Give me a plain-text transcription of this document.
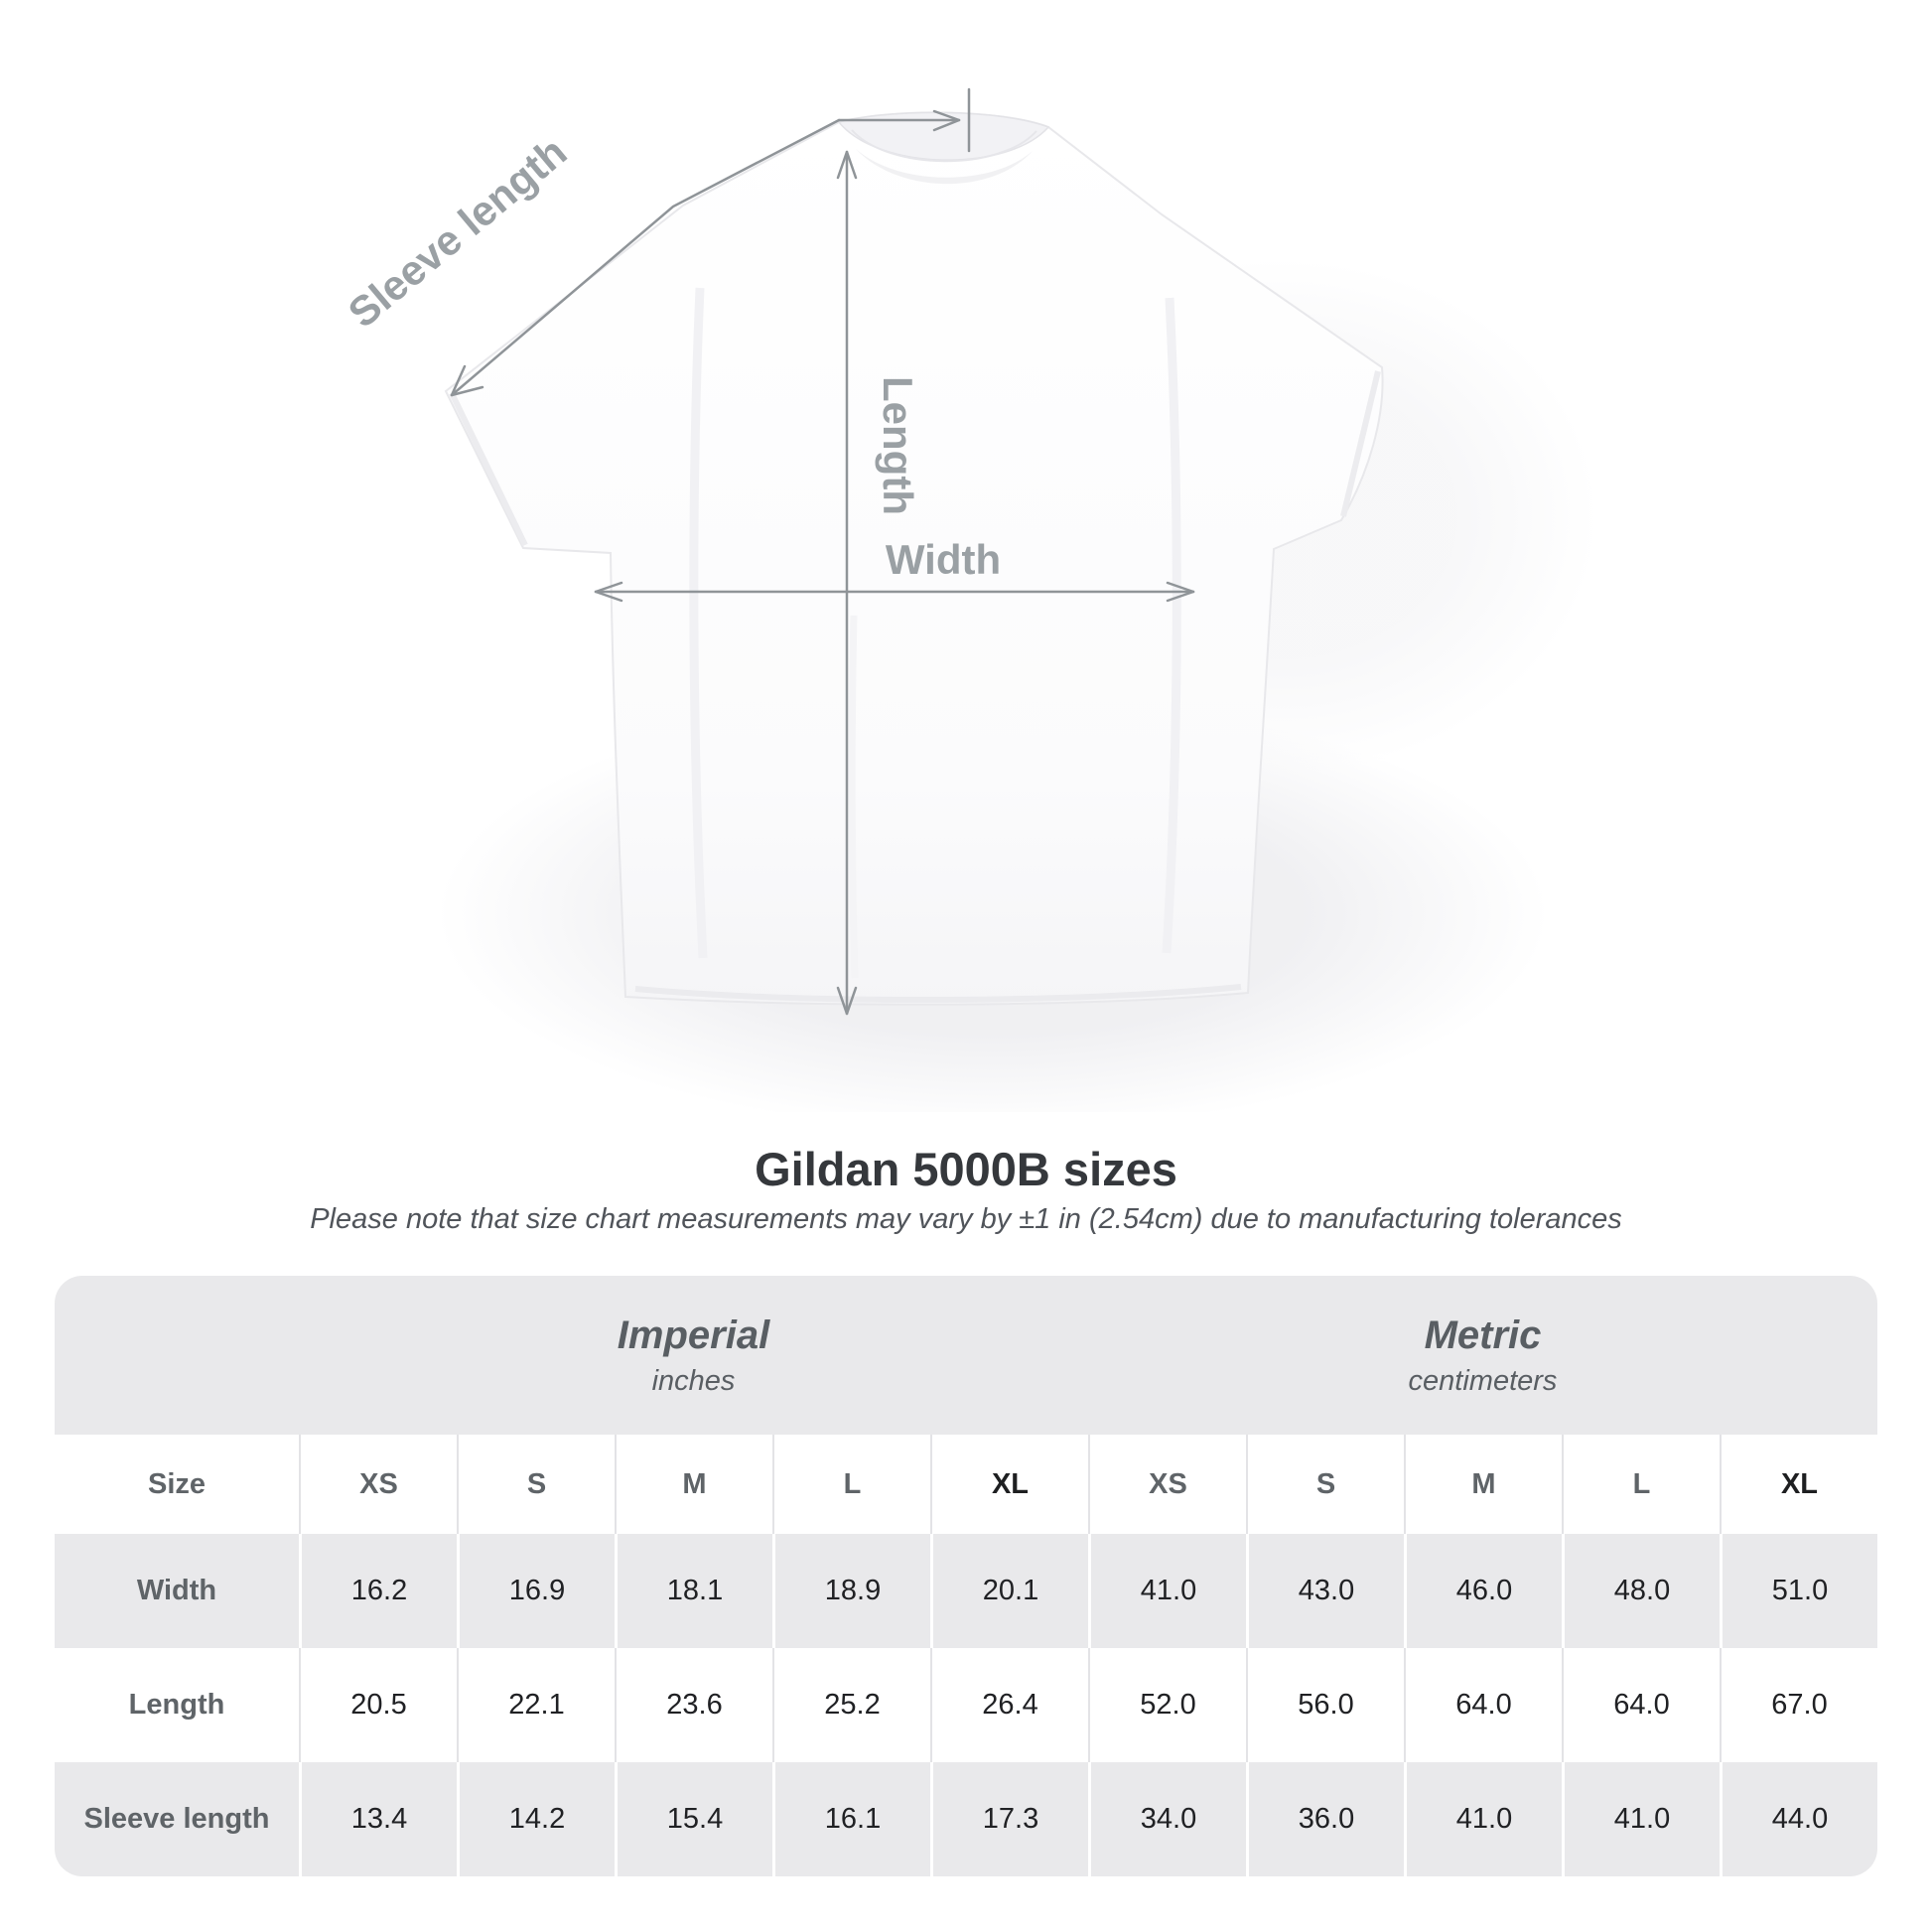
Sleeve length
Length
Width
Gildan 5000B sizes

Please note that size chart measurements may vary by ±1 in (2.54cm) due to manufacturing tolerances

Imperial
inches
Metric
centimeters
Size	XS	S	M	L	XL	XS	S	M	L	XL
Width	16.2	16.9	18.1	18.9	20.1	41.0	43.0	46.0	48.0	51.0
Length	20.5	22.1	23.6	25.2	26.4	52.0	56.0	64.0	64.0	67.0
Sleeve length	13.4	14.2	15.4	16.1	17.3	34.0	36.0	41.0	41.0	44.0
